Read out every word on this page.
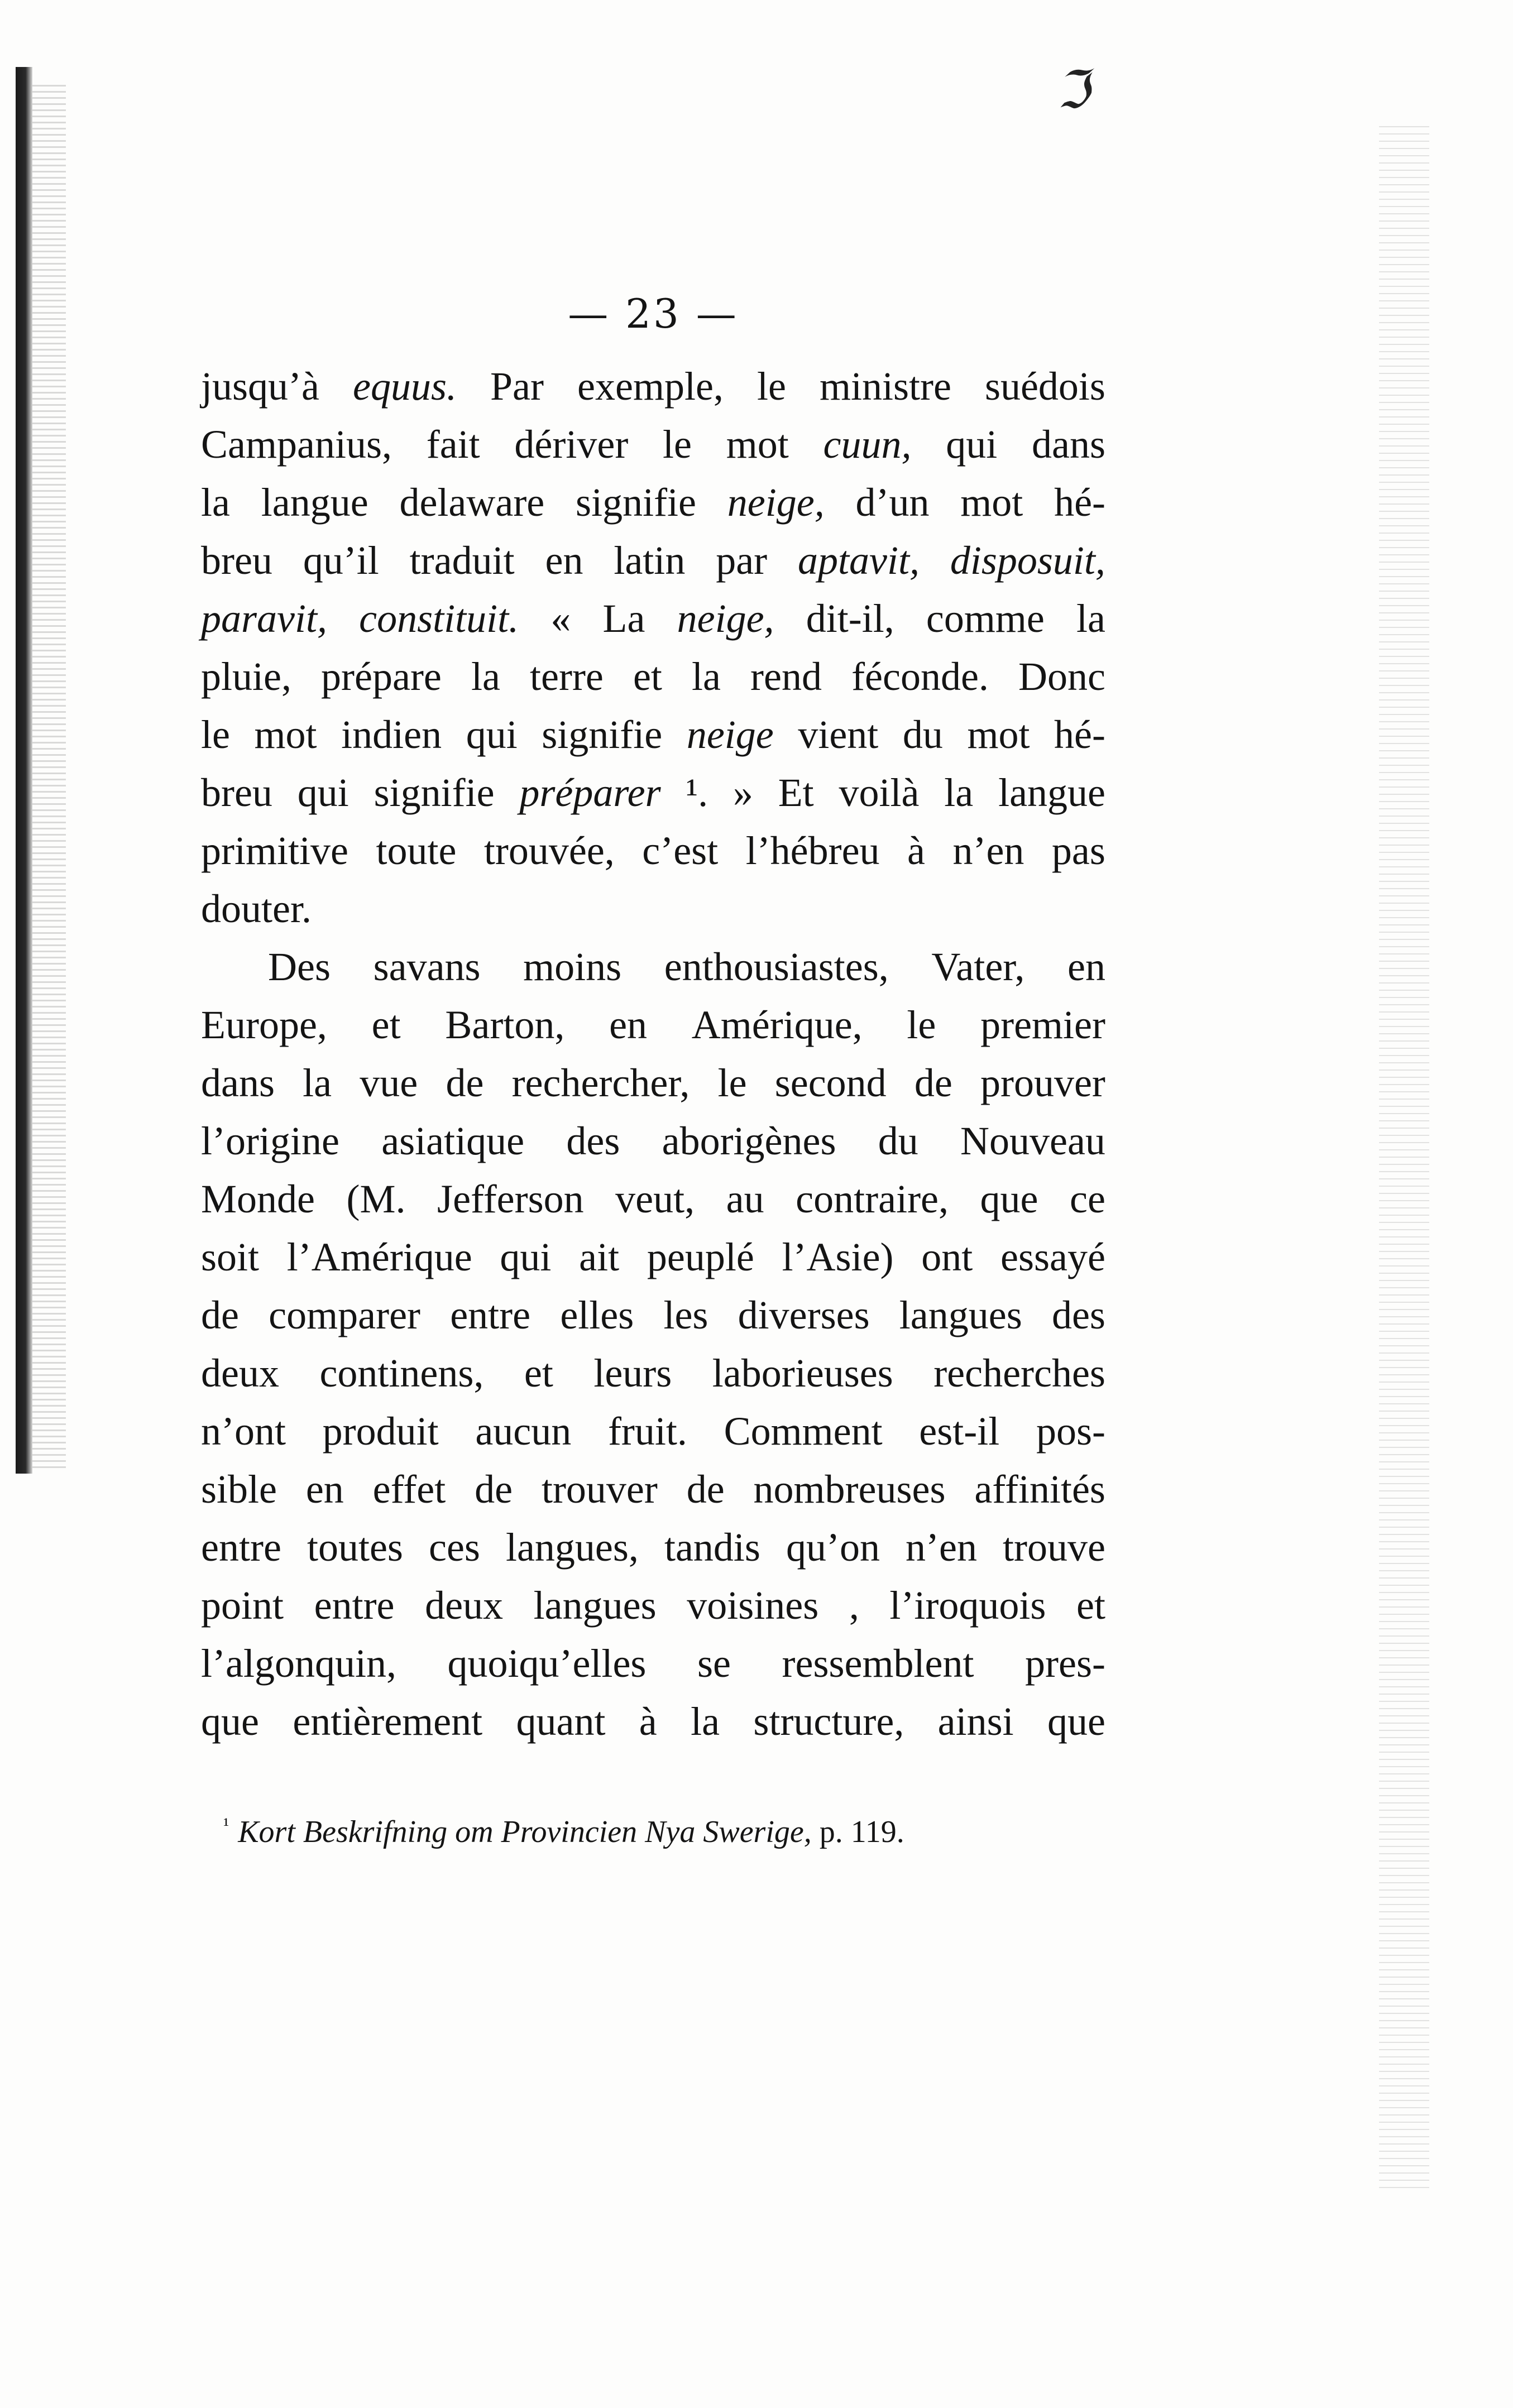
ℑ
— 23 —
jusqu’à equus. Par exemple, le ministre suédois
Campanius, fait dériver le mot cuun, qui dans
la langue delaware signifie neige, d’un mot hé-
breu qu’il traduit en latin par aptavit, disposuit,
paravit, constituit. « La neige, dit-il, comme la
pluie, prépare la terre et la rend féconde. Donc
le mot indien qui signifie neige vient du mot hé-
breu qui signifie préparer ¹. » Et voilà la langue
primitive toute trouvée, c’est l’hébreu à n’en pas
douter.
Des savans moins enthousiastes, Vater, en
Europe, et Barton, en Amérique, le premier
dans la vue de rechercher, le second de prouver
l’origine asiatique des aborigènes du Nouveau
Monde (M. Jefferson veut, au contraire, que ce
soit l’Amérique qui ait peuplé l’Asie) ont essayé
de comparer entre elles les diverses langues des
deux continens, et leurs laborieuses recherches
n’ont produit aucun fruit. Comment est-il pos-
sible en effet de trouver de nombreuses affinités
entre toutes ces langues, tandis qu’on n’en trouve
point entre deux langues voisines , l’iroquois et
l’algonquin, quoiqu’elles se ressemblent pres-
que entièrement quant à la structure, ainsi que
$^{^1}$ Kort Beskrifning om Provincien Nya Swerige, p. 119.
